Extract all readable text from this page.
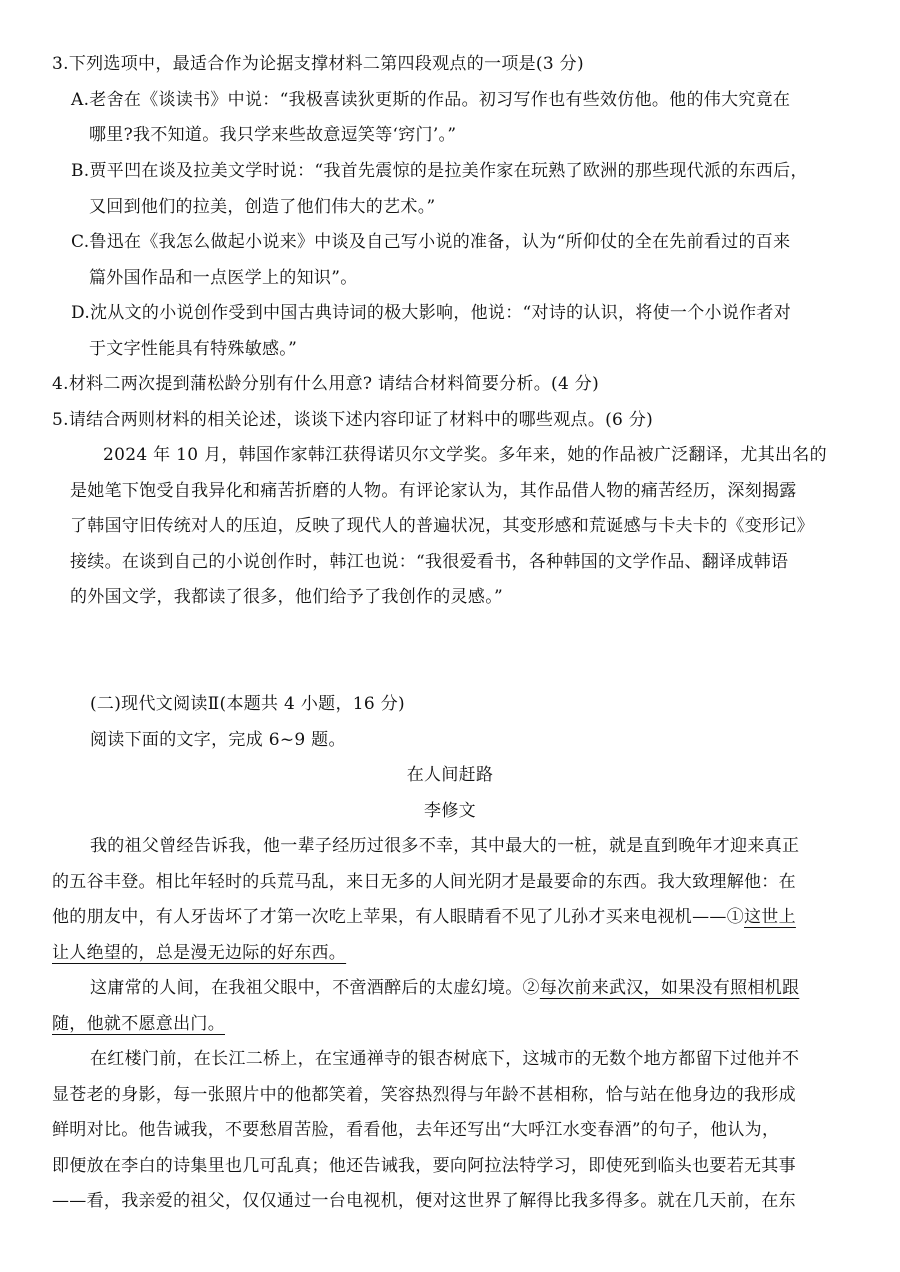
3.下列选项中，最适合作为论据支撑材料二第四段观点的一项是(3 分)
A.老舍在《谈读书》中说：“我极喜读狄更斯的作品。初习写作也有些效仿他。他的伟大究竟在
哪里?我不知道。我只学来些故意逗笑等‘窍门’。”
B.贾平凹在谈及拉美文学时说：“我首先震惊的是拉美作家在玩熟了欧洲的那些现代派的东西后，
又回到他们的拉美，创造了他们伟大的艺术。”
C.鲁迅在《我怎么做起小说来》中谈及自己写小说的准备，认为“所仰仗的全在先前看过的百来
篇外国作品和一点医学上的知识”。
D.沈从文的小说创作受到中国古典诗词的极大影响，他说：“对诗的认识，将使一个小说作者对
于文字性能具有特殊敏感。”
4.材料二两次提到蒲松龄分别有什么用意? 请结合材料简要分析。(4 分)
5.请结合两则材料的相关论述，谈谈下述内容印证了材料中的哪些观点。(6 分)
2024 年 10 月，韩国作家韩江获得诺贝尔文学奖。多年来，她的作品被广泛翻译，尤其出名的
是她笔下饱受自我异化和痛苦折磨的人物。有评论家认为，其作品借人物的痛苦经历，深刻揭露
了韩国守旧传统对人的压迫，反映了现代人的普遍状况，其变形感和荒诞感与卡夫卡的《变形记》
接续。在谈到自己的小说创作时，韩江也说：“我很爱看书，各种韩国的文学作品、翻译成韩语
的外国文学，我都读了很多，他们给予了我创作的灵感。”
(二)现代文阅读Ⅱ(本题共 4 小题，16 分)
阅读下面的文字，完成 6~9 题。
在人间赶路
李修文
我的祖父曾经告诉我，他一辈子经历过很多不幸，其中最大的一桩，就是直到晚年才迎来真正
的五谷丰登。相比年轻时的兵荒马乱，来日无多的人间光阴才是最要命的东西。我大致理解他：在
他的朋友中，有人牙齿坏了才第一次吃上苹果，有人眼睛看不见了儿孙才买来电视机——①这世上
让人绝望的，总是漫无边际的好东西。
这庸常的人间，在我祖父眼中，不啻酒醉后的太虚幻境。②每次前来武汉，如果没有照相机跟
随，他就不愿意出门。
在红楼门前，在长江二桥上，在宝通禅寺的银杏树底下，这城市的无数个地方都留下过他并不
显苍老的身影，每一张照片中的他都笑着，笑容热烈得与年龄不甚相称，恰与站在他身边的我形成
鲜明对比。他告诫我，不要愁眉苦脸，看看他，去年还写出“大呼江水变春酒”的句子，他认为，
即便放在李白的诗集里也几可乱真；他还告诫我，要向阿拉法特学习，即使死到临头也要若无其事
——看，我亲爱的祖父，仅仅通过一台电视机，便对这世界了解得比我多得多。就在几天前，在东
